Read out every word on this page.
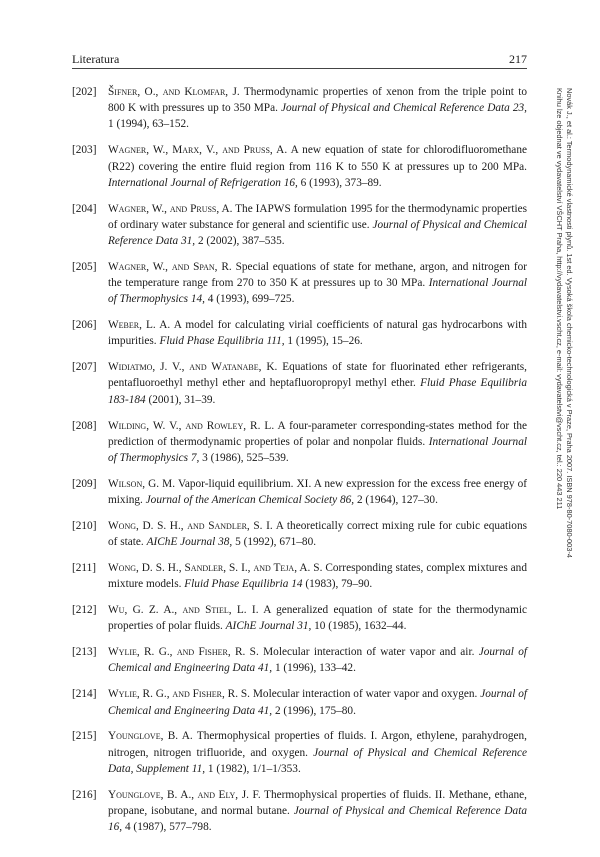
Literatura	217
[202] Šifner, O., and Klomfar, J. Thermodynamic properties of xenon from the triple point to 800 K with pressures up to 350 MPa. Journal of Physical and Chemical Reference Data 23, 1 (1994), 63–152.
[203] Wagner, W., Marx, V., and Pruss, A. A new equation of state for chlorodifluoromethane (R22) covering the entire fluid region from 116 K to 550 K at pressures up to 200 MPa. International Journal of Refrigeration 16, 6 (1993), 373–89.
[204] Wagner, W., and Pruss, A. The IAPWS formulation 1995 for the thermodynamic properties of ordinary water substance for general and scientific use. Journal of Physical and Chemical Reference Data 31, 2 (2002), 387–535.
[205] Wagner, W., and Span, R. Special equations of state for methane, argon, and nitrogen for the temperature range from 270 to 350 K at pressures up to 30 MPa. International Journal of Thermophysics 14, 4 (1993), 699–725.
[206] Weber, L. A. A model for calculating virial coefficients of natural gas hydrocarbons with impurities. Fluid Phase Equilibria 111, 1 (1995), 15–26.
[207] Widiatmo, J. V., and Watanabe, K. Equations of state for fluorinated ether refrigerants, pentafluoroethyl methyl ether and heptafluoropropyl methyl ether. Fluid Phase Equilibria 183-184 (2001), 31–39.
[208] Wilding, W. V., and Rowley, R. L. A four-parameter corresponding-states method for the prediction of thermodynamic properties of polar and nonpolar fluids. International Journal of Thermophysics 7, 3 (1986), 525–539.
[209] Wilson, G. M. Vapor-liquid equilibrium. XI. A new expression for the excess free energy of mixing. Journal of the American Chemical Society 86, 2 (1964), 127–30.
[210] Wong, D. S. H., and Sandler, S. I. A theoretically correct mixing rule for cubic equations of state. AIChE Journal 38, 5 (1992), 671–80.
[211] Wong, D. S. H., Sandler, S. I., and Teja, A. S. Corresponding states, complex mixtures and mixture models. Fluid Phase Equilibria 14 (1983), 79–90.
[212] Wu, G. Z. A., and Stiel, L. I. A generalized equation of state for the thermodynamic properties of polar fluids. AIChE Journal 31, 10 (1985), 1632–44.
[213] Wylie, R. G., and Fisher, R. S. Molecular interaction of water vapor and air. Journal of Chemical and Engineering Data 41, 1 (1996), 133–42.
[214] Wylie, R. G., and Fisher, R. S. Molecular interaction of water vapor and oxygen. Journal of Chemical and Engineering Data 41, 2 (1996), 175–80.
[215] Younglove, B. A. Thermophysical properties of fluids. I. Argon, ethylene, parahydrogen, nitrogen, nitrogen trifluoride, and oxygen. Journal of Physical and Chemical Reference Data, Supplement 11, 1 (1982), 1/1–1/353.
[216] Younglove, B. A., and Ely, J. F. Thermophysical properties of fluids. II. Methane, ethane, propane, isobutane, and normal butane. Journal of Physical and Chemical Reference Data 16, 4 (1987), 577–798.
Novák J., et al.: Termodynamické vlastnosti plynů. 1st ed. Vysoká škola chemicko-technologická v Praze, Praha 2007. ISBN 978-80-7080-003-4
Knihu lze objednat ve vydavatelství VŠCHT Praha, http://vydavatelstvi.vscht.cz, e-mail: vydavatelstvi@vscht.cz, tel.: 220 443 211
